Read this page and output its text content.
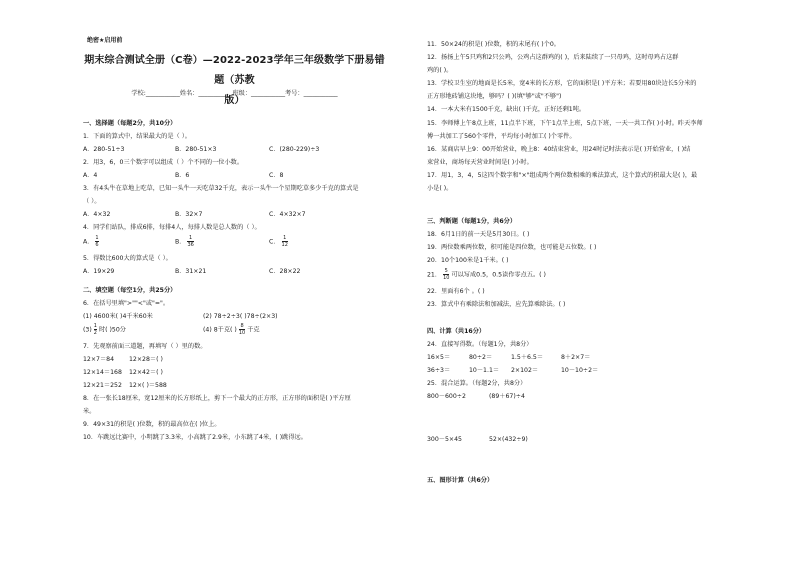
绝密★启用前
期末综合测试全册（C卷）—2022-2023学年三年级数学下册易错题（苏教
版）
学校:___________姓名：___________班级：___________考号：___________
一、选择题（每题2分，共10分）
1．下面的算式中，结果最大的是（ ）。
A．280-51÷3	B．280-51×3	C．(280-229)÷3
2．用3，6，0三个数字可以组成（ ）个不同的一位小数。
A．4	B．6	C．8
3．有4头牛在草地上吃草，已知一头牛一天吃草32千克，表示一头牛一个星期吃草多少千克的算式是
（ ）。
A．4×32	B．32×7	C．4×32×7
4．同学们站队，排成6排，每排4人，每排人数是总人数的（ ）。
A． $\frac{1}{6}$	B． $\frac{1}{36}$	C． $\frac{1}{12}$
5．得数比600大的算式是（ ）。
A．19×29	B．31×21	C．28×22
二、填空题（每空1分，共25分）
6．在括号里填">""<"或"="。
(1) 4600米( )4千米60米	(2) 78÷2÷3( )78÷(2×3)
$(3) \frac{1}{2}$ 时( )50分	(4) 8千克( ) $\frac{8}{10}$ 千克
7．先观察前面三道题，再填写（ ）里的数。
12×7＝84 12×28＝( )
12×14＝168 12×42＝( )
12×21＝252 12×( )＝588
8．在一张长18厘米，宽12厘米的长方形纸上，剪下一个最大的正方形，正方形的面积是( )平方厘
米。
9．49×31的积是( )位数，积的最高位在( )位上。
10．车跳远比赛中，小明跳了3.3米，小高跳了2.9米，小东跳了4米，( )跳得远。
11．50×24的积是( )位数，积的末尾有( )个0。
12．扬扬上午5只鸡和2只公鸡，公鸡占这群鸡的( )，后来陆续了一只母鸡，这时母鸡占这群
鸡的( )。
13．学校卫生室的地面是长5米，宽4米的长方形，它的面积是( )平方米；若要用80块边长5分米的
正方形地砖铺这块地，够吗？( )(填"够"或"不够")
14．一本大米有1500千克，缺出( )千克，正好还剩1吨。
15．李师傅上午8点上班，11点半下班，下午1点半上班，5点下班，一天一共工作( )小时。昨天李师
傅一共加工了560个零件，平均每小时加工( )个零件。
16．某商店早上9：00开始营业，晚上8：40结束营业，用24时记时法表示是( )开始营业，( )结
束营业，商场每天营业时间是( )小时。
17．用1，3，4，5这四个数字和"×"组成两个两位数相乘的乘法算式，这个算式的积最大是( )，最
小是( )。
三、判断题（每题1分，共6分）
18．6月1日的前一天是5月30日。( )
19．两位数乘两位数，积可能是四位数，也可能是五位数。( )
20．10个100米是1千米。( )
21． $\frac{5}{10}$ 可以写成0.5，0.5读作零点五。( )
22．里面有6个 。( )
23．算式中有乘除法和加减法，应先算乘除法。( )
四、计算（共16分）
24．直接写得数。（每题1分，共8分）
16×5＝	80÷2＝	1.5＋6.5＝	8＋2×7＝
36÷3＝	10－1.1＝ 2×102＝	10－10÷2＝
25．混合运算。（每题2分，共8分）
800－600÷2	(89＋67)÷4
300－5×45	52×(432÷9)
五、图形计算（共6分）
